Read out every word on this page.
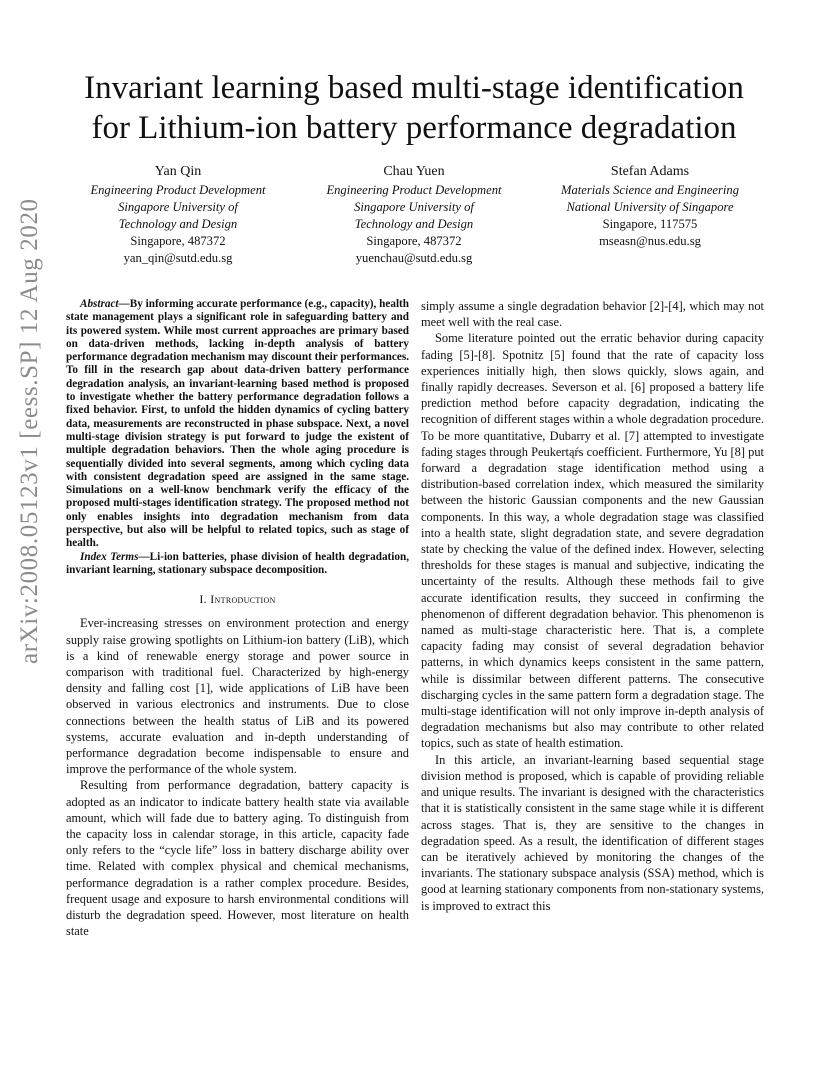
arXiv:2008.05123v1 [eess.SP] 12 Aug 2020
Invariant learning based multi-stage identification
for Lithium-ion battery performance degradation
Yan Qin
Engineering Product Development
Singapore University of
Technology and Design
Singapore, 487372
yan_qin@sutd.edu.sg
Chau Yuen
Engineering Product Development
Singapore University of
Technology and Design
Singapore, 487372
yuenchau@sutd.edu.sg
Stefan Adams
Materials Science and Engineering
National University of Singapore
Singapore, 117575
mseasn@nus.edu.sg

Abstract—By informing accurate performance (e.g., capacity), health state management plays a significant role in safeguarding battery and its powered system. While most current approaches are primary based on data-driven methods, lacking in-depth analysis of battery performance degradation mechanism may discount their performances. To fill in the research gap about data-driven battery performance degradation analysis, an invariant-learning based method is proposed to investigate whether the battery performance degradation follows a fixed behavior. First, to unfold the hidden dynamics of cycling battery data, measurements are reconstructed in phase subspace. Next, a novel multi-stage division strategy is put forward to judge the existent of multiple degradation behaviors. Then the whole aging procedure is sequentially divided into several segments, among which cycling data with consistent degradation speed are assigned in the same stage. Simulations on a well-know benchmark verify the efficacy of the proposed multi-stages identification strategy. The proposed method not only enables insights into degradation mechanism from data perspective, but also will be helpful to related topics, such as stage of health.

Index Terms—Li-ion batteries, phase division of health degradation, invariant learning, stationary subspace decomposition.

I. Introduction

Ever-increasing stresses on environment protection and energy supply raise growing spotlights on Lithium-ion battery (LiB), which is a kind of renewable energy storage and power source in comparison with traditional fuel. Characterized by high-energy density and falling cost [1], wide applications of LiB have been observed in various electronics and instruments. Due to close connections between the health status of LiB and its powered systems, accurate evaluation and in-depth understanding of performance degradation become indispensable to ensure and improve the performance of the whole system.

Resulting from performance degradation, battery capacity is adopted as an indicator to indicate battery health state via available amount, which will fade due to battery aging. To distinguish from the capacity loss in calendar storage, in this article, capacity fade only refers to the “cycle life” loss in battery discharge ability over time. Related with complex physical and chemical mechanisms, performance degradation is a rather complex procedure. Besides, frequent usage and exposure to harsh environmental conditions will disturb the degradation speed. However, most literature on health state

simply assume a single degradation behavior [2]-[4], which may not meet well with the real case.

Some literature pointed out the erratic behavior during capacity fading [5]-[8]. Spotnitz [5] found that the rate of capacity loss experiences initially high, then slows quickly, slows again, and finally rapidly decreases. Severson et al. [6] proposed a battery life prediction method before capacity degradation, indicating the recognition of different stages within a whole degradation procedure. To be more quantitative, Dubarry et al. [7] attempted to investigate fading stages through Peukertąŕs coefficient. Furthermore, Yu [8] put forward a degradation stage identification method using a distribution-based correlation index, which measured the similarity between the historic Gaussian components and the new Gaussian components. In this way, a whole degradation stage was classified into a health state, slight degradation state, and severe degradation state by checking the value of the defined index. However, selecting thresholds for these stages is manual and subjective, indicating the uncertainty of the results. Although these methods fail to give accurate identification results, they succeed in confirming the phenomenon of different degradation behavior. This phenomenon is named as multi-stage characteristic here. That is, a complete capacity fading may consist of several degradation behavior patterns, in which dynamics keeps consistent in the same pattern, while is dissimilar between different patterns. The consecutive discharging cycles in the same pattern form a degradation stage. The multi-stage identification will not only improve in-depth analysis of degradation mechanisms but also may contribute to other related topics, such as state of health estimation.

In this article, an invariant-learning based sequential stage division method is proposed, which is capable of providing reliable and unique results. The invariant is designed with the characteristics that it is statistically consistent in the same stage while it is different across stages. That is, they are sensitive to the changes in degradation speed. As a result, the identification of different stages can be iteratively achieved by monitoring the changes of the invariants. The stationary subspace analysis (SSA) method, which is good at learning stationary components from non-stationary systems, is improved to extract this
